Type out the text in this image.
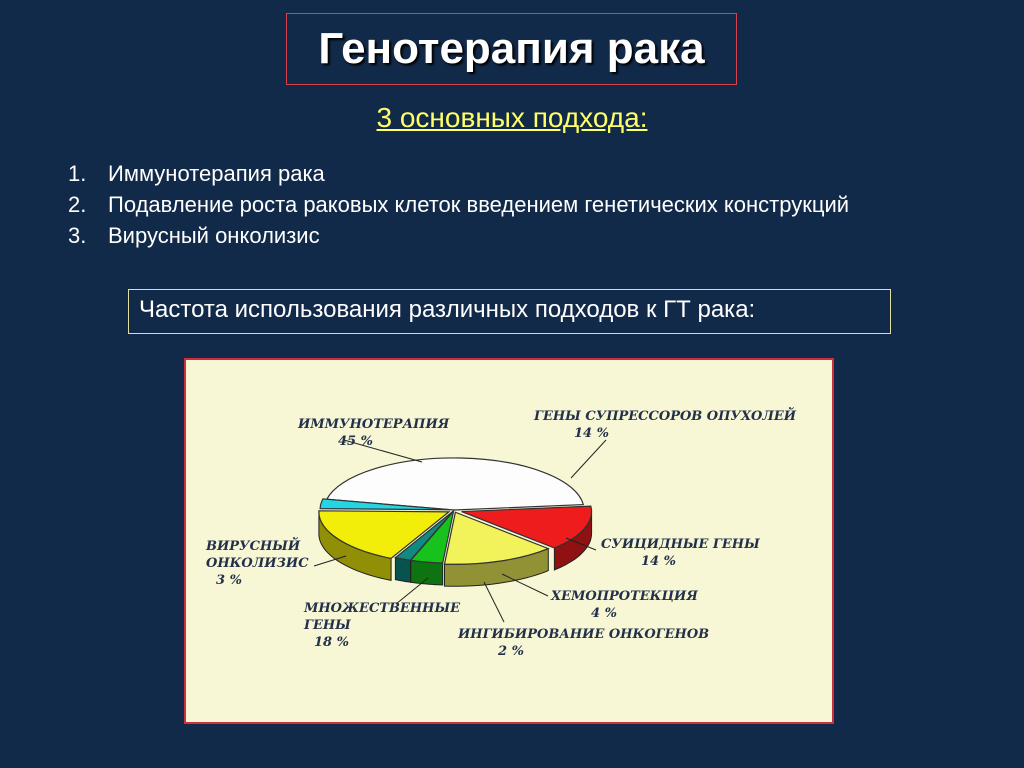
Генотерапия рака
3 основных подхода:
1. Иммунотерапия рака
2. Подавление роста раковых клеток введением генетических конструкций
3. Вирусный онколизис
Частота использования различных подходов к ГТ рака:
ИММУНОТЕРАПИЯ
45 %
ГЕНЫ СУПРЕССОРОВ ОПУХОЛЕЙ
14 %
СУИЦИДНЫЕ ГЕНЫ
14 %
ХЕМОПРОТЕКЦИЯ
4 %
ИНГИБИРОВАНИЕ ОНКОГЕНОВ
2 %
МНОЖЕСТВЕННЫЕ
ГЕНЫ
18 %
ВИРУСНЫЙ
ОНКОЛИЗИС
3 %
